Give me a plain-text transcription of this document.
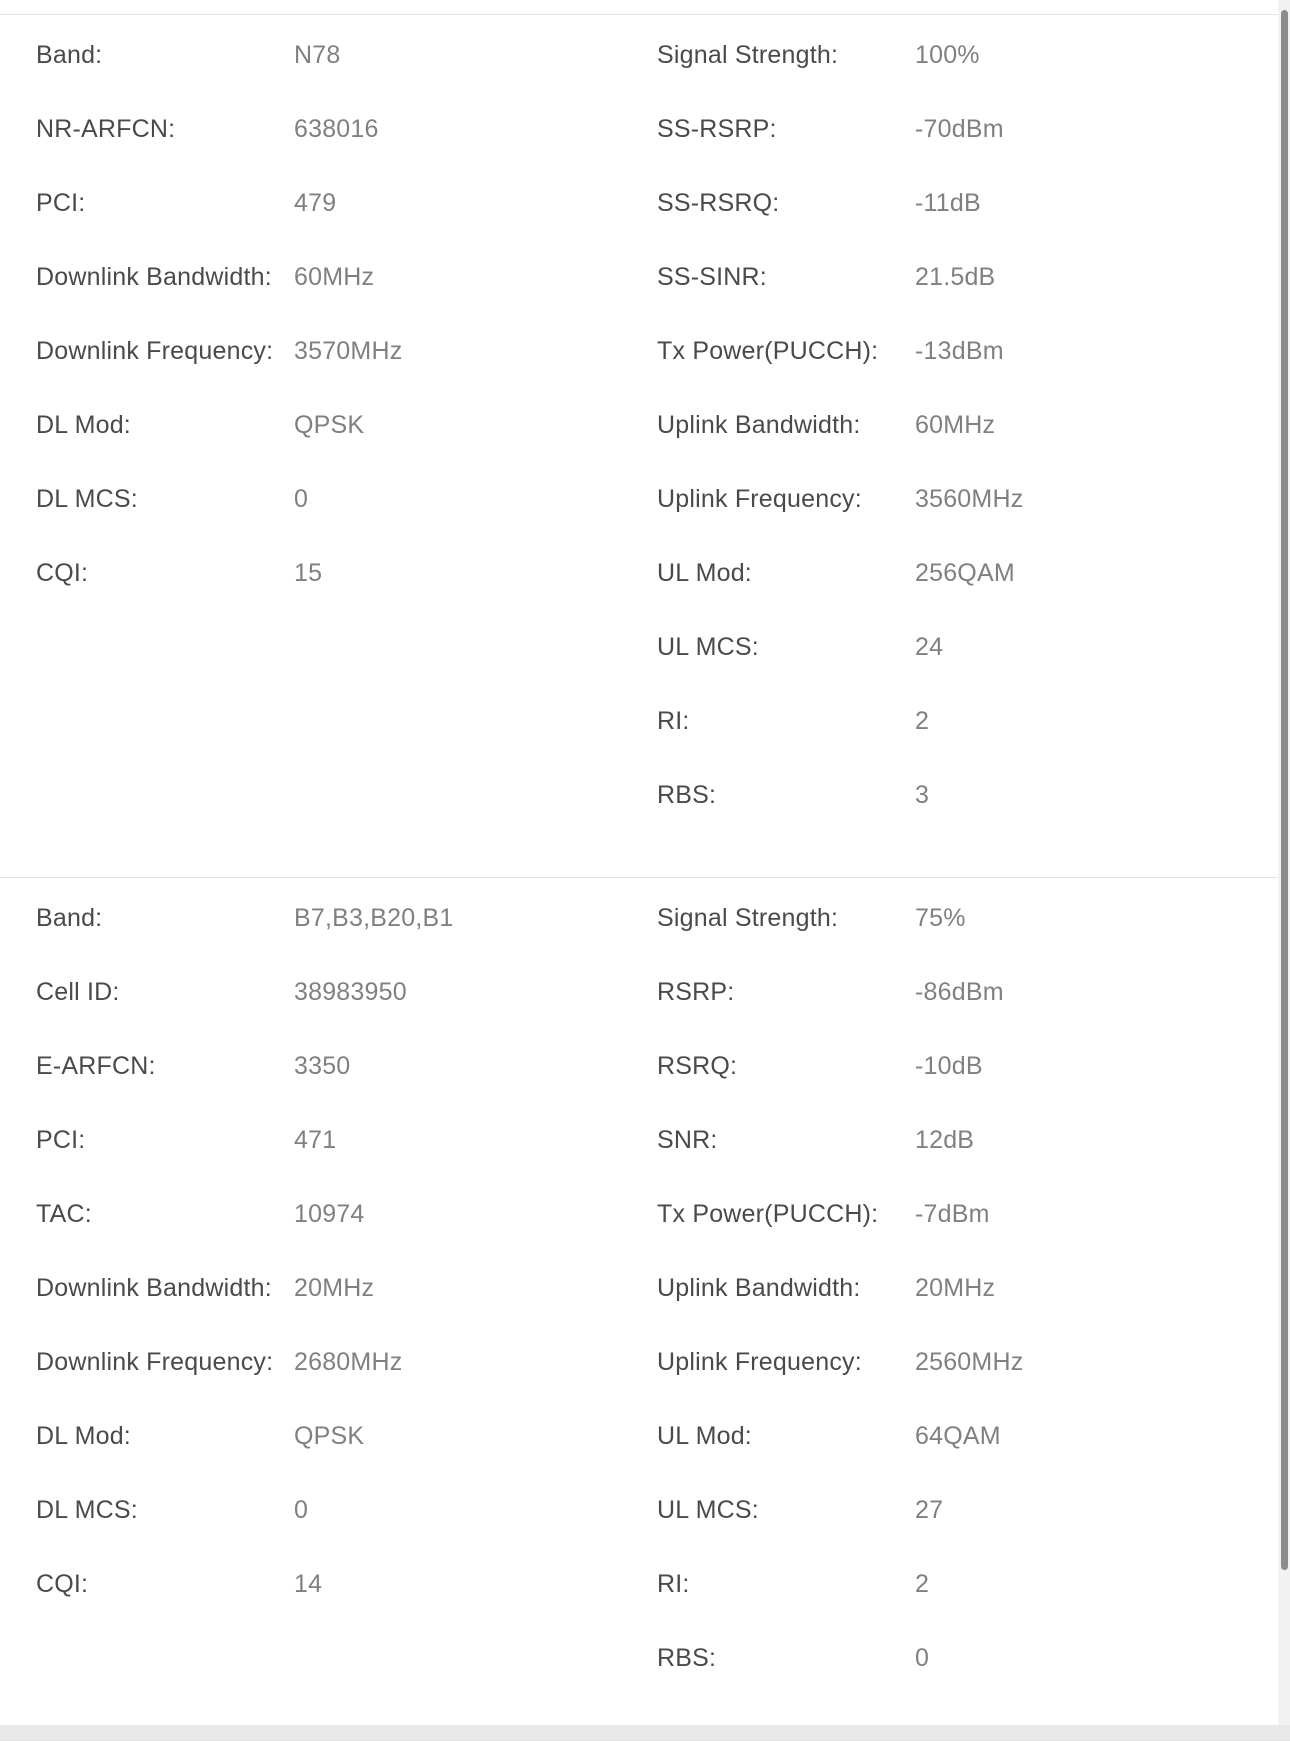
Band:	N78
NR-ARFCN:	638016
PCI:	479
Downlink Bandwidth: 60MHz
Downlink Frequency: 3570MHz
DL Mod:	QPSK
DL MCS:	0
CQI:	15
Signal Strength:	100%
SS-RSRP:	-70dBm
SS-RSRQ:	-11dB
SS-SINR:	21.5dB
Tx Power(PUCCH):	-13dBm
Uplink Bandwidth:	60MHz
Uplink Frequency:	3560MHz
UL Mod:	256QAM
UL MCS:	24
RI:	2
RBS:	3
Band:	B7,B3,B20,B1
Cell ID:	38983950
E-ARFCN:	3350
PCI:	471
TAC:	10974
Downlink Bandwidth: 20MHz
Downlink Frequency: 2680MHz
DL Mod:	QPSK
DL MCS:	0
CQI:	14
Signal Strength:	75%
RSRP:	-86dBm
RSRQ:	-10dB
SNR:	12dB
Tx Power(PUCCH):	-7dBm
Uplink Bandwidth:	20MHz
Uplink Frequency:	2560MHz
UL Mod:	64QAM
UL MCS:	27
RI:	2
RBS:	0
